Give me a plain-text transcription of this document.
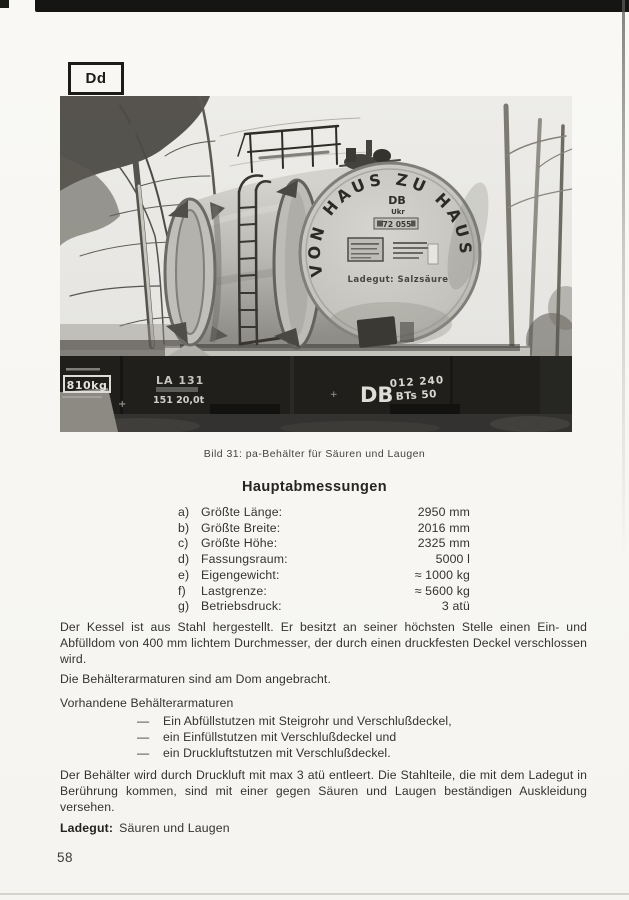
Dd
VON HAUS ZU HAUS
DB
Ukr
72 055
Ladegut: Salzsäure
810kg	LA 131
151 20,0t
+
+ DB
012 240
BTs 50
Bild 31: pa-Behälter für Säuren und Laugen
Hauptabmessungen
a) Größte Länge:	2950 mm
b) Größte Breite:	2016 mm
c)	Größte Höhe:	2325 mm
d) Fassungsraum:	5000 l
e) Eigengewicht:	≈ 1000 kg
f)	Lastgrenze:	≈ 5600 kg
g) Betriebsdruck:	3 atü

Der Kessel ist aus Stahl hergestellt. Er besitzt an seiner höchsten Stelle einen Ein- und Abfülldom von 400 mm lichtem Durchmesser, der durch einen druckfesten Deckel verschlossen wird.

Die Behälterarmaturen sind am Dom angebracht.

Vorhandene Behälterarmaturen

—	Ein Abfüllstutzen mit Steigrohr und Verschlußdeckel,
—	ein Einfüllstutzen mit Verschlußdeckel und
—	ein Druckluftstutzen mit Verschlußdeckel.

Der Behälter wird durch Druckluft mit max 3 atü entleert. Die Stahlteile, die mit dem Ladegut in Berührung kommen, sind mit einer gegen Säuren und Laugen beständigen Auskleidung versehen.

Ladegut: Säuren und Laugen

58
